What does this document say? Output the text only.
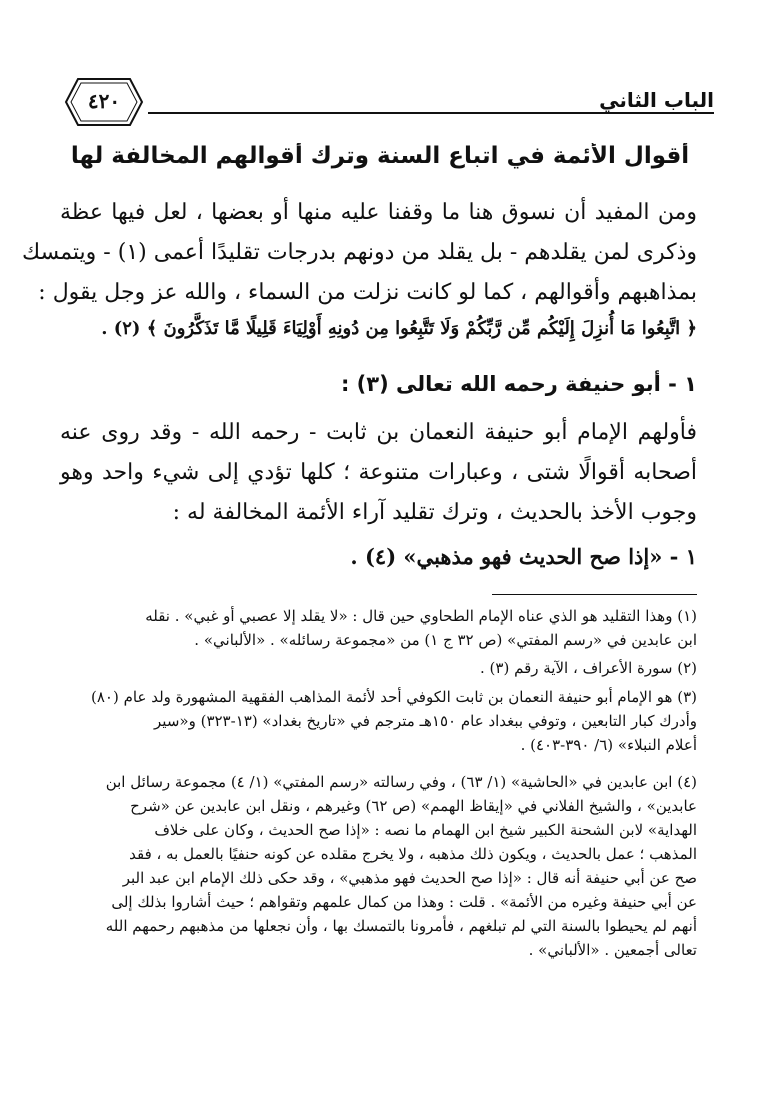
الباب الثاني
٤٢٠
أقوال الأئمة في اتباع السنة وترك أقوالهم المخالفة لها
ومن المفيد أن نسوق هنا ما وقفنا عليه منها أو بعضها ، لعل فيها عظة
وذكرى لمن يقلدهم - بل يقلد من دونهم بدرجات تقليدًا أعمى (١) - ويتمسك
بمذاهبهم وأقوالهم ، كما لو كانت نزلت من السماء ، والله عز وجل يقول :
﴿ اتَّبِعُوا مَا أُنزِلَ إِلَيْكُم مِّن رَّبِّكُمْ وَلَا تَتَّبِعُوا مِن دُونِهِ أَوْلِيَاءَ قَلِيلًا مَّا تَذَكَّرُونَ ﴾ (٢) .
١ - أبو حنيفة رحمه الله تعالى (٣) :
فأولهم الإمام أبو حنيفة النعمان بن ثابت - رحمه الله - وقد روى عنه
أصحابه أقوالًا شتى ، وعبارات متنوعة ؛ كلها تؤدي إلى شيء واحد وهو
وجوب الأخذ بالحديث ، وترك تقليد آراء الأئمة المخالفة له :
١ - «إذا صح الحديث فهو مذهبي» (٤) .
(١) وهذا التقليد هو الذي عناه الإمام الطحاوي حين قال : «لا يقلد إلا عصبي أو غبي» . نقله
ابن عابدين في «رسم المفتي» (ص ٣٢ ج ١) من «مجموعة رسائله» . «الألباني» .
(٢) سورة الأعراف ، الآية رقم (٣) .
(٣) هو الإمام أبو حنيفة النعمان بن ثابت الكوفي أحد لأئمة المذاهب الفقهية المشهورة ولد عام (٨٠)
وأدرك كبار التابعين ، وتوفي ببغداد عام ١٥٠هـ مترجم في «تاريخ بغداد» (١٣-٣٢٣) و«سير
أعلام النبلاء» (٦/ ٣٩٠-٤٠٣) .
(٤) ابن عابدين في «الحاشية» (١/ ٦٣) ، وفي رسالته «رسم المفتي» (١/ ٤) مجموعة رسائل ابن
عابدين» ، والشيخ الفلاني في «إيقاظ الهمم» (ص ٦٢) وغيرهم ، ونقل ابن عابدين عن «شرح
الهداية» لابن الشحنة الكبير شيخ ابن الهمام ما نصه : «إذا صح الحديث ، وكان على خلاف
المذهب ؛ عمل بالحديث ، ويكون ذلك مذهبه ، ولا يخرج مقلده عن كونه حنفيًا بالعمل به ، فقد
صح عن أبي حنيفة أنه قال : «إذا صح الحديث فهو مذهبي» ، وقد حكى ذلك الإمام ابن عبد البر
عن أبي حنيفة وغيره من الأئمة» . قلت : وهذا من كمال علمهم وتقواهم ؛ حيث أشاروا بذلك إلى
أنهم لم يحيطوا بالسنة التي لم تبلغهم ، فأمرونا بالتمسك بها ، وأن نجعلها من مذهبهم رحمهم الله
تعالى أجمعين . «الألباني» .
